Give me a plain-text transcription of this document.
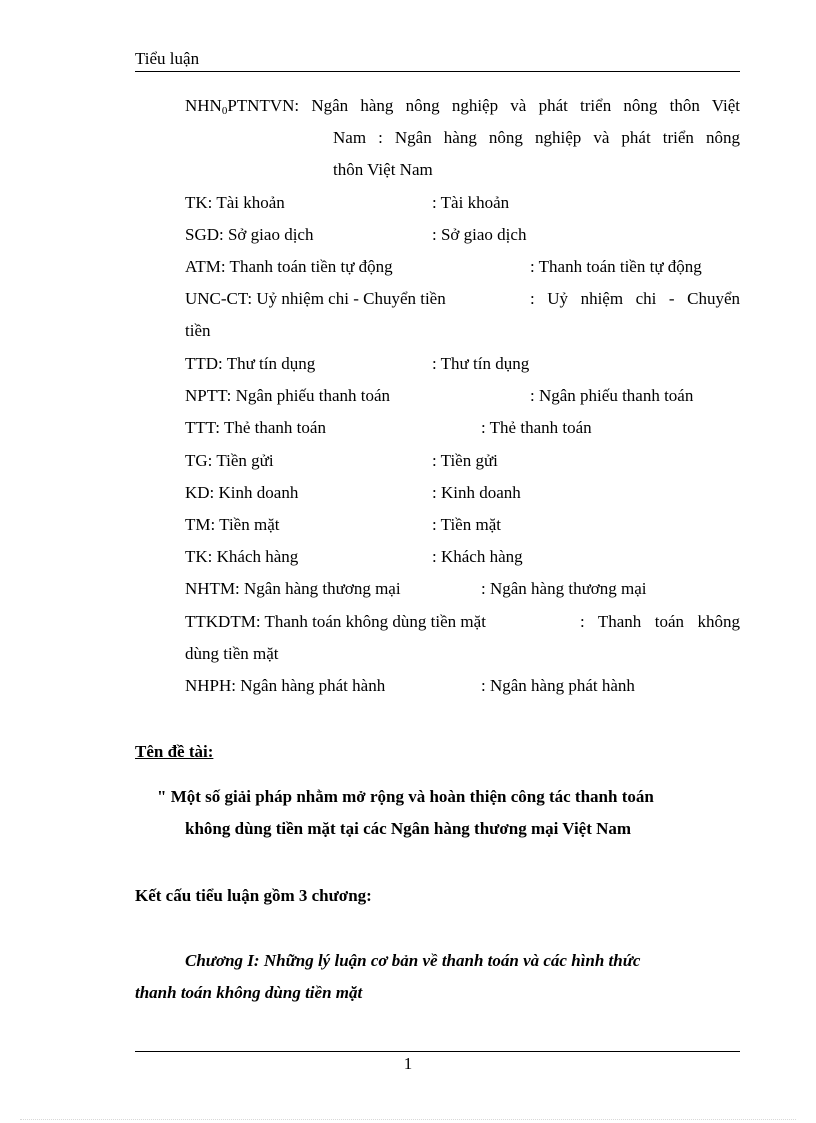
Tiểu luận
$NHN_0PTNTVN$: Ngân hàng nông nghiệp và phát triển nông thôn Việt
Nam : Ngân hàng nông nghiệp và phát triển nông
thôn Việt Nam
TK: Tài khoản	: Tài khoản
SGD: Sở giao dịch	: Sở giao dịch
ATM: Thanh toán tiền tự động	: Thanh toán tiền tự động
UNC-CT: Uỷ nhiệm chi - Chuyển tiền	: Uỷ nhiệm chi - Chuyển
tiền
TTD: Thư tín dụng	: Thư tín dụng
NPTT: Ngân phiếu thanh toán	: Ngân phiếu thanh toán
TTT: Thẻ thanh toán	: Thẻ thanh toán
TG: Tiền gửi	: Tiền gửi
KD: Kinh doanh	: Kinh doanh
TM: Tiền mặt	: Tiền mặt
TK: Khách hàng	: Khách hàng
NHTM: Ngân hàng thương mại	: Ngân hàng thương mại
TTKDTM: Thanh toán không dùng tiền mặt	: Thanh toán không
dùng tiền mặt
NHPH: Ngân hàng phát hành	: Ngân hàng phát hành
Tên đề tài:
" Một số giải pháp nhằm mở rộng và hoàn thiện công tác thanh toán
không dùng tiền mặt tại các Ngân hàng thương mại Việt Nam
Kết cấu tiểu luận gồm 3 chương:
Chương I: Những lý luận cơ bản về thanh toán và các hình thức
thanh toán không dùng tiền mặt
1
